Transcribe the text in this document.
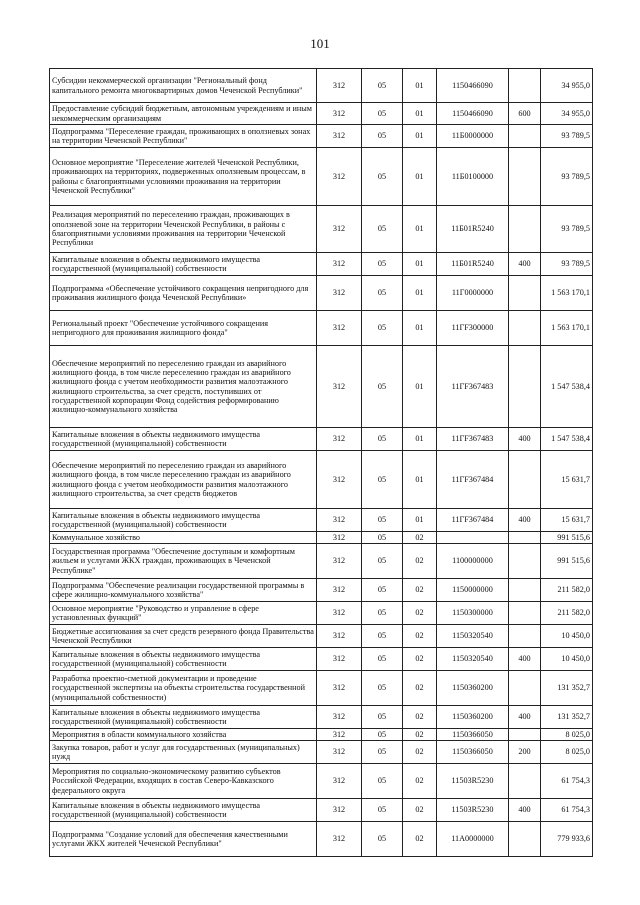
101
Субсидии некоммерческой организации "Региональный фонд капитального ремонта многоквартирных домов Чеченской Республики"	312	05	01	1150466090		34 955,0
Предоставление субсидий бюджетным, автономным учреждениям и иным некоммерческим организациям	312	05	01	1150466090	600	34 955,0
Подпрограмма "Переселение граждан, проживающих в оползневых зонах на территории Чеченской Республики"	312	05	01	11Б0000000		93 789,5
Основное мероприятие "Переселение жителей Чеченской Республики, проживающих на территориях, подверженных оползневым процессам, в районы с благоприятными условиями проживания на территории Чеченской Республики"	312	05	01	11Б0100000		93 789,5
Реализация мероприятий по переселению граждан, проживающих в оползневой зоне на территории Чеченской Республики, в районы с благоприятными условиями проживания на территории Чеченской Республики	312	05	01	11Б01R5240		93 789,5
Капитальные вложения в объекты недвижимого имущества государственной (муниципальной) собственности	312	05	01	11Б01R5240	400	93 789,5
Подпрограмма «Обеспечение устойчивого сокращения непригодного для проживания жилищного фонда Чеченской Республики»	312	05	01	11Г0000000		1 563 170,1
Региональный проект "Обеспечение устойчивого сокращения непригодного для проживания жилищного фонда"	312	05	01	11ГF300000		1 563 170,1
Обеспечение мероприятий по переселению граждан из аварийного жилищного фонда, в том числе переселению граждан из аварийного жилищного фонда с учетом необходимости развития малоэтажного жилищного строительства, за счет средств, поступивших от государственной корпорации Фонд содействия реформированию жилищно-коммунального хозяйства	312	05	01	11ГF367483		1 547 538,4
Капитальные вложения в объекты недвижимого имущества государственной (муниципальной) собственности	312	05	01	11ГF367483	400	1 547 538,4
Обеспечение мероприятий по переселению граждан из аварийного жилищного фонда, в том числе переселению граждан из аварийного жилищного фонда с учетом необходимости развития малоэтажного жилищного строительства, за счет средств бюджетов	312	05	01	11ГF367484		15 631,7
Капитальные вложения в объекты недвижимого имущества государственной (муниципальной) собственности	312	05	01	11ГF367484	400	15 631,7
Коммунальное хозяйство	312	05	02			991 515,6
Государственная программа "Обеспечение доступным и комфортным жильем и услугами ЖКХ граждан, проживающих в Чеченской Республике"	312	05	02	1100000000		991 515,6
Подпрограмма "Обеспечение реализации государственной программы в сфере жилищно-коммунального хозяйства"	312	05	02	1150000000		211 582,0
Основное мероприятие "Руководство и управление в сфере установленных функций"	312	05	02	1150300000		211 582,0
Бюджетные ассигнования за счет средств резервного фонда Правительства Чеченской Республики	312	05	02	1150320540		10 450,0
Капитальные вложения в объекты недвижимого имущества государственной (муниципальной) собственности	312	05	02	1150320540	400	10 450,0
Разработка проектно-сметной документации и проведение государственной экспертизы на объекты строительства государственной (муниципальной собственности)	312	05	02	1150360200		131 352,7
Капитальные вложения в объекты недвижимого имущества государственной (муниципальной) собственности	312	05	02	1150360200	400	131 352,7
Мероприятия в области коммунального хозяйства	312	05	02	1150366050		8 025,0
Закупка товаров, работ и услуг для государственных (муниципальных) нужд	312	05	02	1150366050	200	8 025,0
Мероприятия по социально-экономическому развитию субъектов Российской Федерации, входящих в состав Северо-Кавказского федерального округа	312	05	02	11503R5230		61 754,3
Капитальные вложения в объекты недвижимого имущества государственной (муниципальной) собственности	312	05	02	11503R5230	400	61 754,3
Подпрограмма "Создание условий для обеспечения качественными услугами ЖКХ жителей Чеченской Республики"	312	05	02	11А0000000		779 933,6
